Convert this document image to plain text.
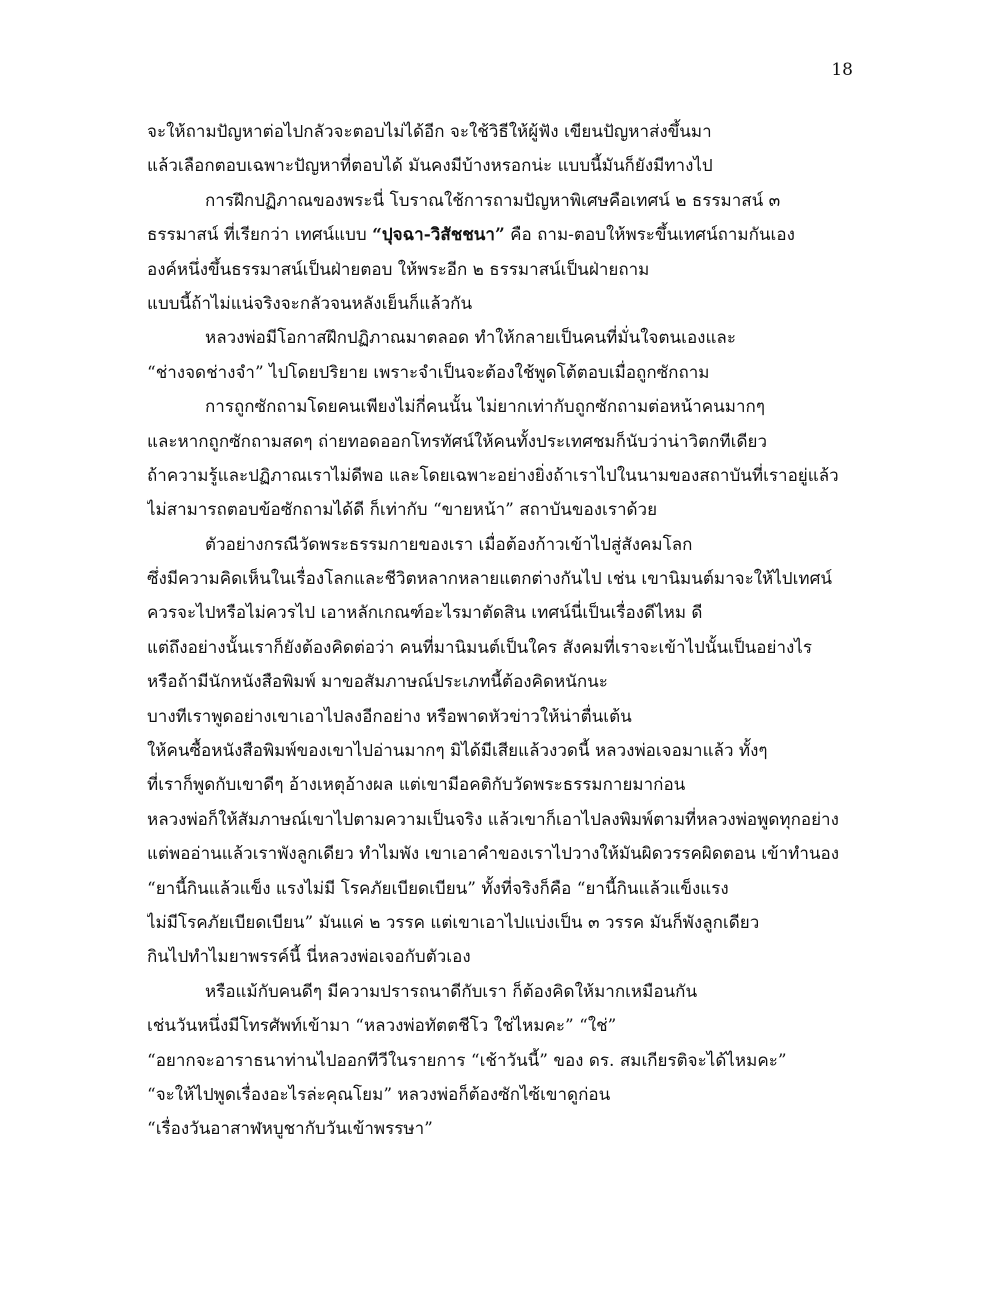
18
จะให้ถามปัญหาต่อไปกลัวจะตอบไม่ได้อีก จะใช้วิธีให้ผู้ฟัง เขียนปัญหาส่งขึ้นมา
แล้วเลือกตอบเฉพาะปัญหาที่ตอบได้ มันคงมีบ้างหรอกน่ะ แบบนี้มันก็ยังมีทางไป
การฝึกปฏิภาณของพระนี่ โบราณใช้การถามปัญหาพิเศษคือเทศน์ ๒ ธรรมาสน์ ๓
ธรรมาสน์ ที่เรียกว่า เทศน์แบบ “ปุจฉา-วิสัชชนา” คือ ถาม-ตอบให้พระขึ้นเทศน์ถามกันเอง
องค์หนึ่งขึ้นธรรมาสน์เป็นฝ่ายตอบ ให้พระอีก ๒ ธรรมาสน์เป็นฝ่ายถาม
แบบนี้ถ้าไม่แน่จริงจะกลัวจนหลังเย็นก็แล้วกัน
หลวงพ่อมีโอกาสฝึกปฏิภาณมาตลอด ทำให้กลายเป็นคนที่มั่นใจตนเองและ
“ช่างจดช่างจำ” ไปโดยปริยาย เพราะจำเป็นจะต้องใช้พูดโต้ตอบเมื่อถูกซักถาม
การถูกซักถามโดยคนเพียงไม่กี่คนนั้น ไม่ยากเท่ากับถูกซักถามต่อหน้าคนมากๆ
และหากถูกซักถามสดๆ ถ่ายทอดออกโทรทัศน์ให้คนทั้งประเทศชมก็นับว่าน่าวิตกทีเดียว
ถ้าความรู้และปฏิภาณเราไม่ดีพอ และโดยเฉพาะอย่างยิ่งถ้าเราไปในนามของสถาบันที่เราอยู่แล้ว
ไม่สามารถตอบข้อซักถามได้ดี ก็เท่ากับ “ขายหน้า” สถาบันของเราด้วย
ตัวอย่างกรณีวัดพระธรรมกายของเรา เมื่อต้องก้าวเข้าไปสู่สังคมโลก
ซึ่งมีความคิดเห็นในเรื่องโลกและชีวิตหลากหลายแตกต่างกันไป เช่น เขานิมนต์มาจะให้ไปเทศน์
ควรจะไปหรือไม่ควรไป เอาหลักเกณฑ์อะไรมาตัดสิน เทศน์นี่เป็นเรื่องดีไหม ดี
แต่ถึงอย่างนั้นเราก็ยังต้องคิดต่อว่า คนที่มานิมนต์เป็นใคร สังคมที่เราจะเข้าไปนั้นเป็นอย่างไร
หรือถ้ามีนักหนังสือพิมพ์ มาขอสัมภาษณ์ประเภทนี้ต้องคิดหนักนะ
บางทีเราพูดอย่างเขาเอาไปลงอีกอย่าง หรือพาดหัวข่าวให้น่าตื่นเต้น
ให้คนซื้อหนังสือพิมพ์ของเขาไปอ่านมากๆ มิได้มีเสียแล้วงวดนี้ หลวงพ่อเจอมาแล้ว ทั้งๆ
ที่เราก็พูดกับเขาดีๆ อ้างเหตุอ้างผล แต่เขามีอคติกับวัดพระธรรมกายมาก่อน
หลวงพ่อก็ให้สัมภาษณ์เขาไปตามความเป็นจริง แล้วเขาก็เอาไปลงพิมพ์ตามที่หลวงพ่อพูดทุกอย่าง
แต่พออ่านแล้วเราพังลูกเดียว ทำไมพัง เขาเอาคำของเราไปวางให้มันผิดวรรคผิดตอน เข้าทำนอง
“ยานี้กินแล้วแข็ง แรงไม่มี โรคภัยเบียดเบียน” ทั้งที่จริงก็คือ “ยานี้กินแล้วแข็งแรง
ไม่มีโรคภัยเบียดเบียน” มันแค่ ๒ วรรค แต่เขาเอาไปแบ่งเป็น ๓ วรรค มันก็พังลูกเดียว
กินไปทำไมยาพรรค์นี้ นี่หลวงพ่อเจอกับตัวเอง
หรือแม้กับคนดีๆ มีความปรารถนาดีกับเรา ก็ต้องคิดให้มากเหมือนกัน
เช่นวันหนึ่งมีโทรศัพท์เข้ามา “หลวงพ่อทัตตชีโว ใช่ไหมคะ” “ใช่”
“อยากจะอาราธนาท่านไปออกทีวีในรายการ “เช้าวันนี้” ของ ดร. สมเกียรติจะได้ไหมคะ”
“จะให้ไปพูดเรื่องอะไรล่ะคุณโยม” หลวงพ่อก็ต้องซักไซ้เขาดูก่อน
“เรื่องวันอาสาฬหบูชากับวันเข้าพรรษา”
